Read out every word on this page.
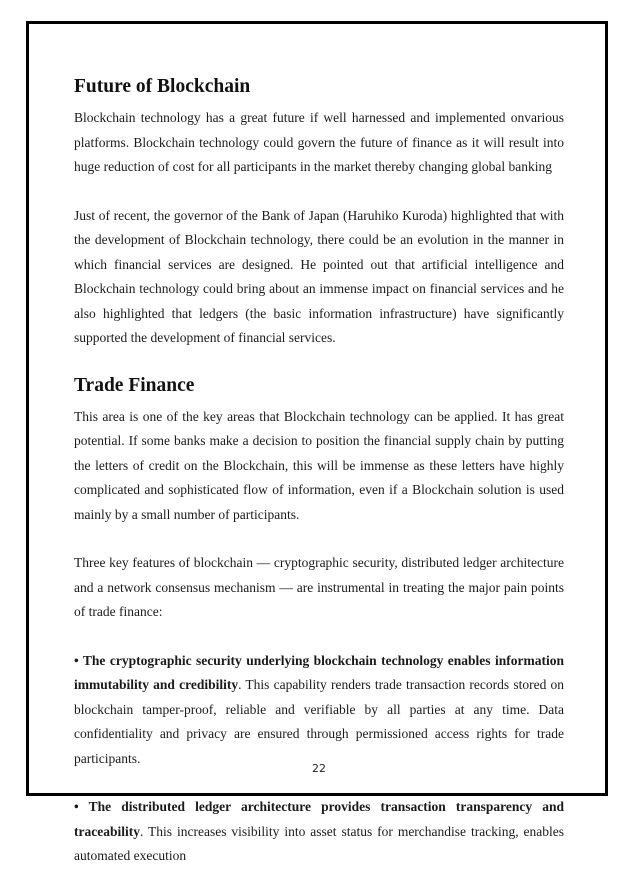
Future of Blockchain

Blockchain technology has a great future if well harnessed and implemented onvarious platforms. Blockchain technology could govern the future of finance as it will result into huge reduction of cost for all participants in the market thereby changing global banking

Just of recent, the governor of the Bank of Japan (Haruhiko Kuroda) highlighted that with the development of Blockchain technology, there could be an evolution in the manner in which financial services are designed. He pointed out that artificial intelligence and Blockchain technology could bring about an immense impact on financial services and he also highlighted that ledgers (the basic information infrastructure) have significantly supported the development of financial services.

Trade Finance

This area is one of the key areas that Blockchain technology can be applied. It has great potential. If some banks make a decision to position the financial supply chain by putting the letters of credit on the Blockchain, this will be immense as these letters have highly complicated and sophisticated flow of information, even if a Blockchain solution is used mainly by a small number of participants.

Three key features of blockchain — cryptographic security, distributed ledger architecture and a network consensus mechanism — are instrumental in treating the major pain points of trade finance:

• The cryptographic security underlying blockchain technology enables information immutability and credibility. This capability renders trade transaction records stored on blockchain tamper-proof, reliable and verifiable by all parties at any time. Data confidentiality and privacy are ensured through permissioned access rights for trade participants.

• The distributed ledger architecture provides transaction transparency and traceability. This increases visibility into asset status for merchandise tracking, enables automated execution

22
